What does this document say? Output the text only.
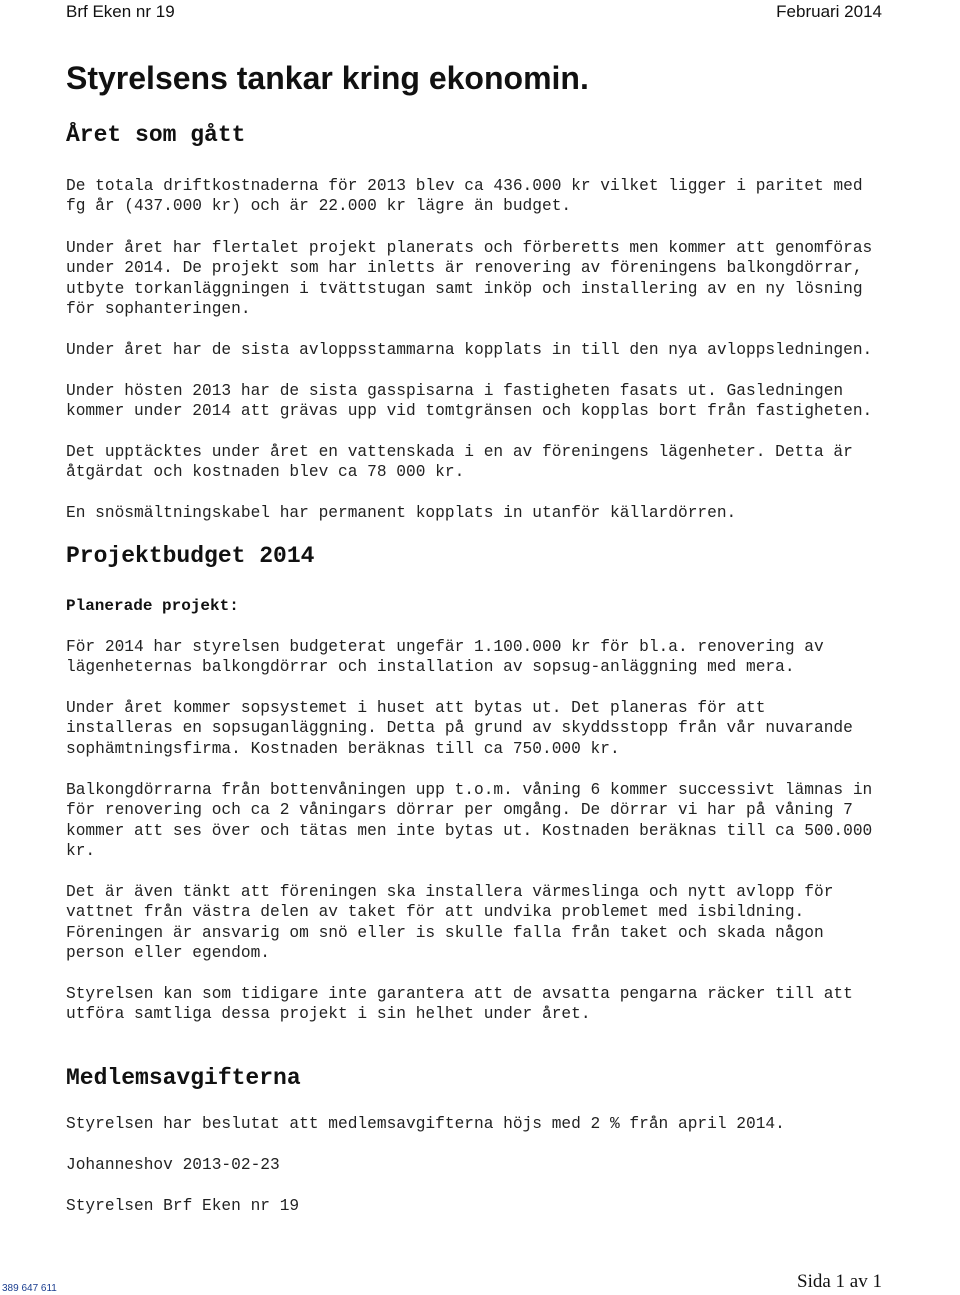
Brf Eken nr 19	Februari 2014
Styrelsens tankar kring ekonomin.
Året som gått
De totala driftkostnaderna för 2013 blev ca 436.000 kr vilket ligger i paritet med
fg år (437.000 kr) och är 22.000 kr lägre än budget.
Under året har flertalet projekt planerats och förberetts men kommer att genomföras
under 2014. De projekt som har inletts är renovering av föreningens balkongdörrar,
utbyte torkanläggningen i tvättstugan samt inköp och installering av en ny lösning
för sophanteringen.
Under året har de sista avloppsstammarna kopplats in till den nya avloppsledningen.
Under hösten 2013 har de sista gasspisarna i fastigheten fasats ut. Gasledningen
kommer under 2014 att grävas upp vid tomtgränsen och kopplas bort från fastigheten.
Det upptäcktes under året en vattenskada i en av föreningens lägenheter. Detta är
åtgärdat och kostnaden blev ca 78 000 kr.
En snösmältningskabel har permanent kopplats in utanför källardörren.
Projektbudget 2014
Planerade projekt:
För 2014 har styrelsen budgeterat ungefär 1.100.000 kr för bl.a. renovering av
lägenheternas balkongdörrar och installation av sopsug-anläggning med mera.
Under året kommer sopsystemet i huset att bytas ut. Det planeras för att
installeras en sopsuganläggning. Detta på grund av skyddsstopp från vår nuvarande
sophämtningsfirma. Kostnaden beräknas till ca 750.000 kr.
Balkongdörrarna från bottenvåningen upp t.o.m. våning 6 kommer successivt lämnas in
för renovering och ca 2 våningars dörrar per omgång. De dörrar vi har på våning 7
kommer att ses över och tätas men inte bytas ut. Kostnaden beräknas till ca 500.000
kr.
Det är även tänkt att föreningen ska installera värmeslinga och nytt avlopp för
vattnet från västra delen av taket för att undvika problemet med isbildning.
Föreningen är ansvarig om snö eller is skulle falla från taket och skada någon
person eller egendom.
Styrelsen kan som tidigare inte garantera att de avsatta pengarna räcker till att
utföra samtliga dessa projekt i sin helhet under året.
Medlemsavgifterna
Styrelsen har beslutat att medlemsavgifterna höjs med 2 % från april 2014.
Johanneshov 2013-02-23
Styrelsen Brf Eken nr 19
389 647 611	Sida 1 av 1
